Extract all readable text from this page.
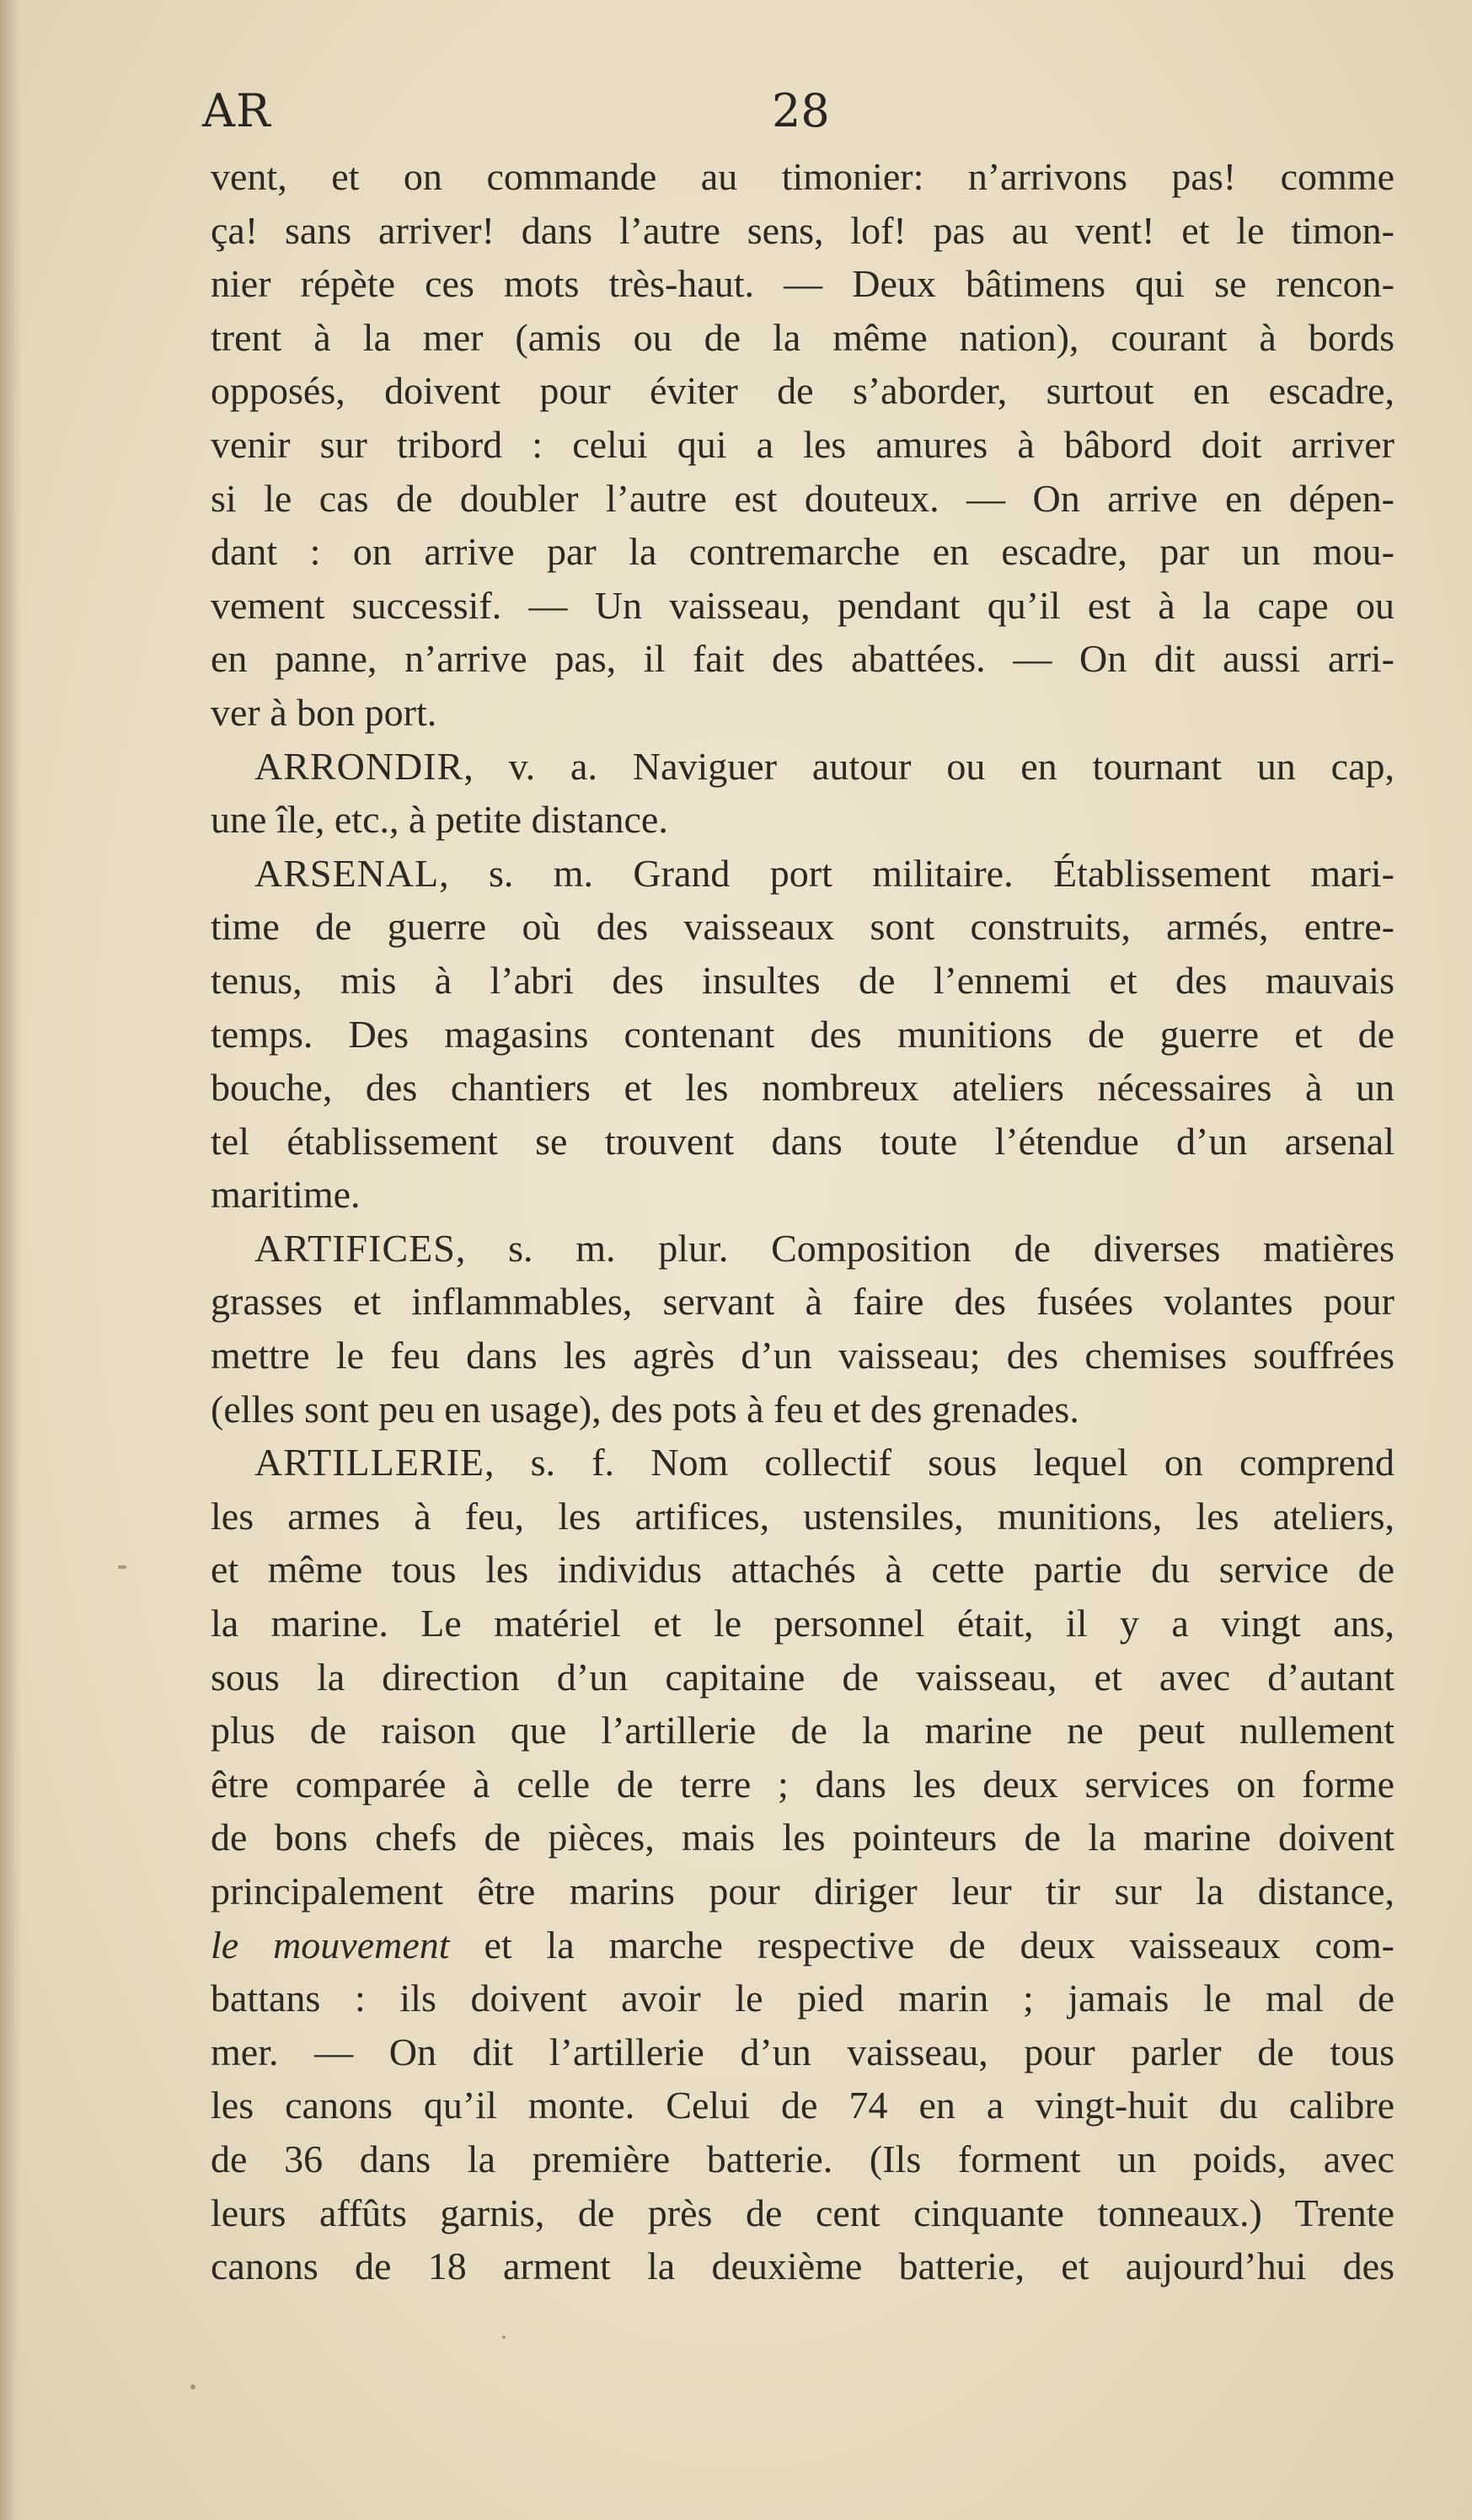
AR	28
vent, et on commande au timonier: n’arrivons pas! comme
ça! sans arriver! dans l’autre sens, lof! pas au vent! et le timon-
nier répète ces mots très-haut. — Deux bâtimens qui se rencon-
trent à la mer (amis ou de la même nation), courant à bords
opposés, doivent pour éviter de s’aborder, surtout en escadre,
venir sur tribord : celui qui a les amures à bâbord doit arriver
si le cas de doubler l’autre est douteux. — On arrive en dépen-
dant : on arrive par la contremarche en escadre, par un mou-
vement successif. — Un vaisseau, pendant qu’il est à la cape ou
en panne, n’arrive pas, il fait des abattées. — On dit aussi arri-
ver à bon port.
ARRONDIR, v. a. Naviguer autour ou en tournant un cap,
une île, etc., à petite distance.
ARSENAL, s. m. Grand port militaire. Établissement mari-
time de guerre où des vaisseaux sont construits, armés, entre-
tenus, mis à l’abri des insultes de l’ennemi et des mauvais
temps. Des magasins contenant des munitions de guerre et de
bouche, des chantiers et les nombreux ateliers nécessaires à un
tel établissement se trouvent dans toute l’étendue d’un arsenal
maritime.
ARTIFICES, s. m. plur. Composition de diverses matières
grasses et inflammables, servant à faire des fusées volantes pour
mettre le feu dans les agrès d’un vaisseau; des chemises souffrées
(elles sont peu en usage), des pots à feu et des grenades.
ARTILLERIE, s. f. Nom collectif sous lequel on comprend
les armes à feu, les artifices, ustensiles, munitions, les ateliers,
et même tous les individus attachés à cette partie du service de
la marine. Le matériel et le personnel était, il y a vingt ans,
sous la direction d’un capitaine de vaisseau, et avec d’autant
plus de raison que l’artillerie de la marine ne peut nullement
être comparée à celle de terre ; dans les deux services on forme
de bons chefs de pièces, mais les pointeurs de la marine doivent
principalement être marins pour diriger leur tir sur la distance,
le mouvement et la marche respective de deux vaisseaux com-
battans : ils doivent avoir le pied marin ; jamais le mal de
mer. — On dit l’artillerie d’un vaisseau, pour parler de tous
les canons qu’il monte. Celui de 74 en a vingt-huit du calibre
de 36 dans la première batterie. (Ils forment un poids, avec
leurs affûts garnis, de près de cent cinquante tonneaux.) Trente
canons de 18 arment la deuxième batterie, et aujourd’hui des
